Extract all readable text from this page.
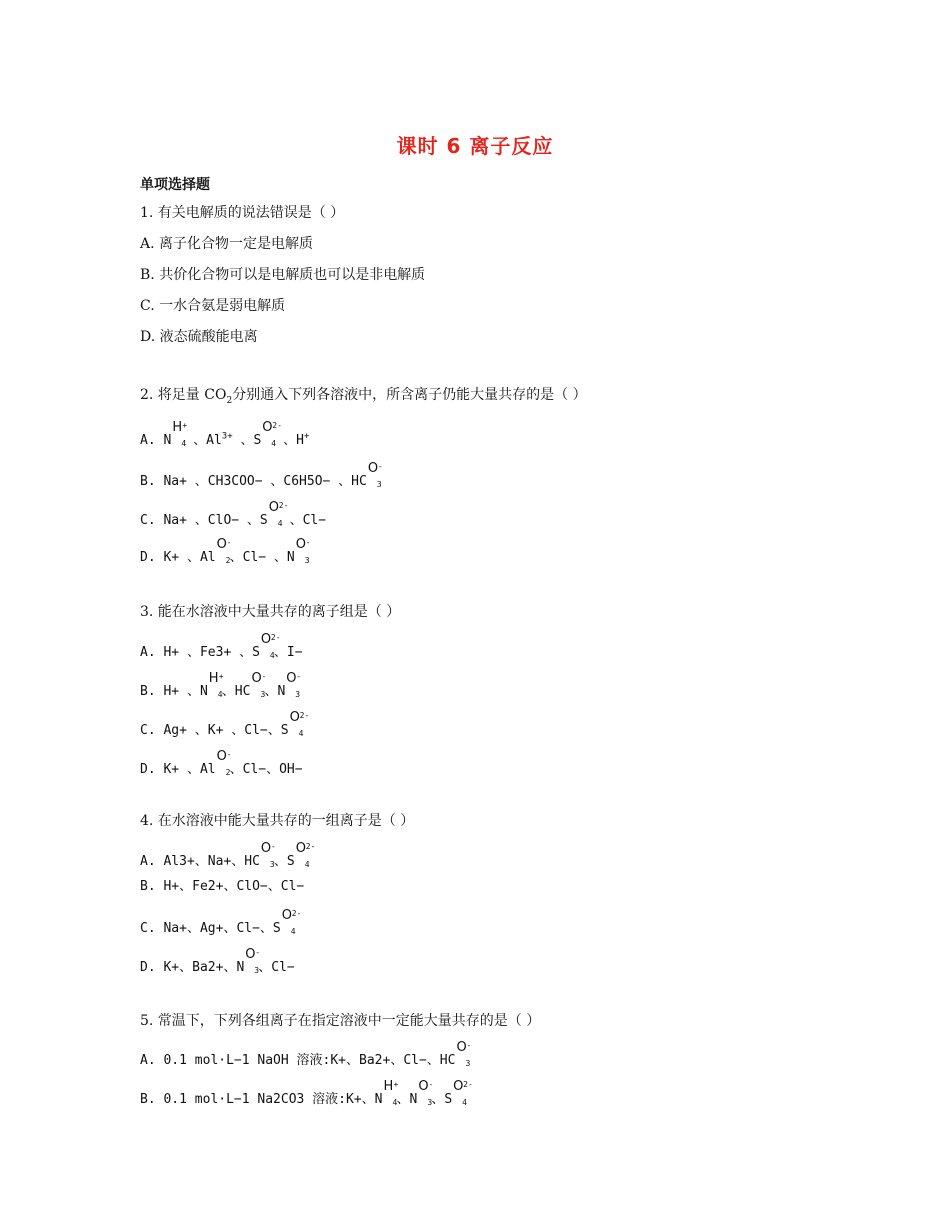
课时 6 离子反应
单项选择题
1. 有关电解质的说法错误是（ ）
A. 离子化合物一定是电解质
B. 共价化合物可以是电解质也可以是非电解质
C. 一水合氨是弱电解质
D. 液态硫酸能电离
2. 将足量 $CO_2$分别通入下列各溶液中，所含离子仍能大量共存的是（ ）
A. N
H +
4 、$Al^{3+}$ 、S
O 2-
4 、H+
B. Na+ 、CH3COO− 、C6H5O− 、HC
O -
3
C. Na+ 、ClO− 、S
O 2-
4 、Cl−
D. K+ 、Al
O -
2 、Cl− 、N
O -
3
3. 能在水溶液中大量共存的离子组是（ ）
A. H+ 、Fe3+ 、S
O 2-
4 、I−
B. H+ 、N
H +
4 、HC
O -
3 、N
O -
3
C. Ag+ 、K+ 、Cl−、S
O 2-
4
D. K+ 、Al
O -
2 、Cl−、OH−
4. 在水溶液中能大量共存的一组离子是（ ）
A. Al3+、Na+、HC
O -
3 、S
O 2-
4
B. H+、Fe2+、ClO−、Cl−
C. Na+、Ag+、Cl−、S
O 2-
4
D. K+、Ba2+、N
O -
3 、Cl−
5. 常温下，下列各组离子在指定溶液中一定能大量共存的是（ ）
A. 0.1 mol·L−1 NaOH 溶液:K+、Ba2+、Cl−、HC
O -
3
B. 0.1 mol·L−1 Na2CO3 溶液:K+、N
H +
4 、N
O -
3 、S
O 2-
4
